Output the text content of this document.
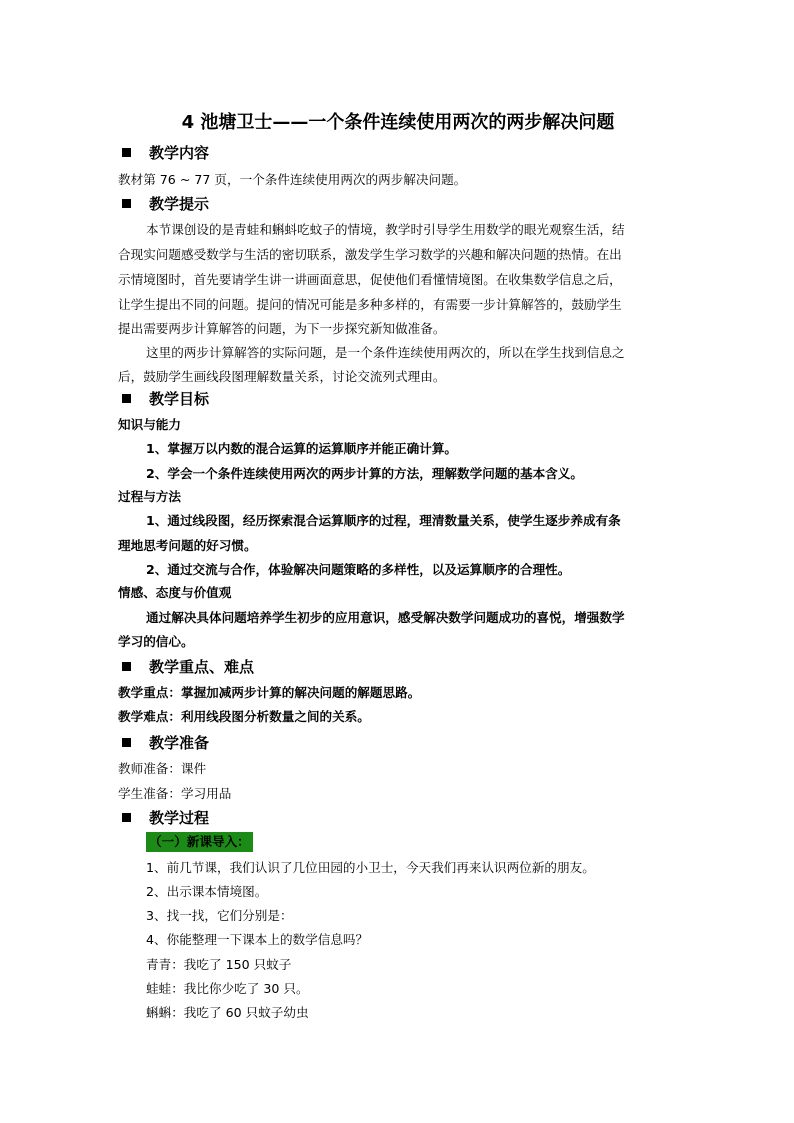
4 池塘卫士——一个条件连续使用两次的两步解决问题
教学内容
教材第 76 ~ 77 页，一个条件连续使用两次的两步解决问题。
教学提示
本节课创设的是青蛙和蝌蚪吃蚊子的情境，教学时引导学生用数学的眼光观察生活，结
合现实问题感受数学与生活的密切联系，激发学生学习数学的兴趣和解决问题的热情。在出
示情境图时，首先要请学生讲一讲画面意思，促使他们看懂情境图。在收集数学信息之后，
让学生提出不同的问题。提问的情况可能是多种多样的，有需要一步计算解答的，鼓励学生
提出需要两步计算解答的问题，为下一步探究新知做准备。
这里的两步计算解答的实际问题，是一个条件连续使用两次的，所以在学生找到信息之
后，鼓励学生画线段图理解数量关系，讨论交流列式理由。
教学目标
知识与能力
1、掌握万以内数的混合运算的运算顺序并能正确计算。
2、学会一个条件连续使用两次的两步计算的方法，理解数学问题的基本含义。
过程与方法
1、通过线段图，经历探索混合运算顺序的过程，理清数量关系，使学生逐步养成有条
理地思考问题的好习惯。
2、通过交流与合作，体验解决问题策略的多样性，以及运算顺序的合理性。
情感、态度与价值观
通过解决具体问题培养学生初步的应用意识，感受解决数学问题成功的喜悦，增强数学
学习的信心。
教学重点、难点
教学重点：掌握加减两步计算的解决问题的解题思路。
教学难点：利用线段图分析数量之间的关系。
教学准备
教师准备：课件
学生准备：学习用品
教学过程
（一）新课导入：
1、前几节课，我们认识了几位田园的小卫士，今天我们再来认识两位新的朋友。
2、出示课本情境图。
3、找一找，它们分别是：
4、你能整理一下课本上的数学信息吗？
青青：我吃了 150 只蚊子
蛙蛙：我比你少吃了 30 只。
蝌蝌：我吃了 60 只蚊子幼虫
